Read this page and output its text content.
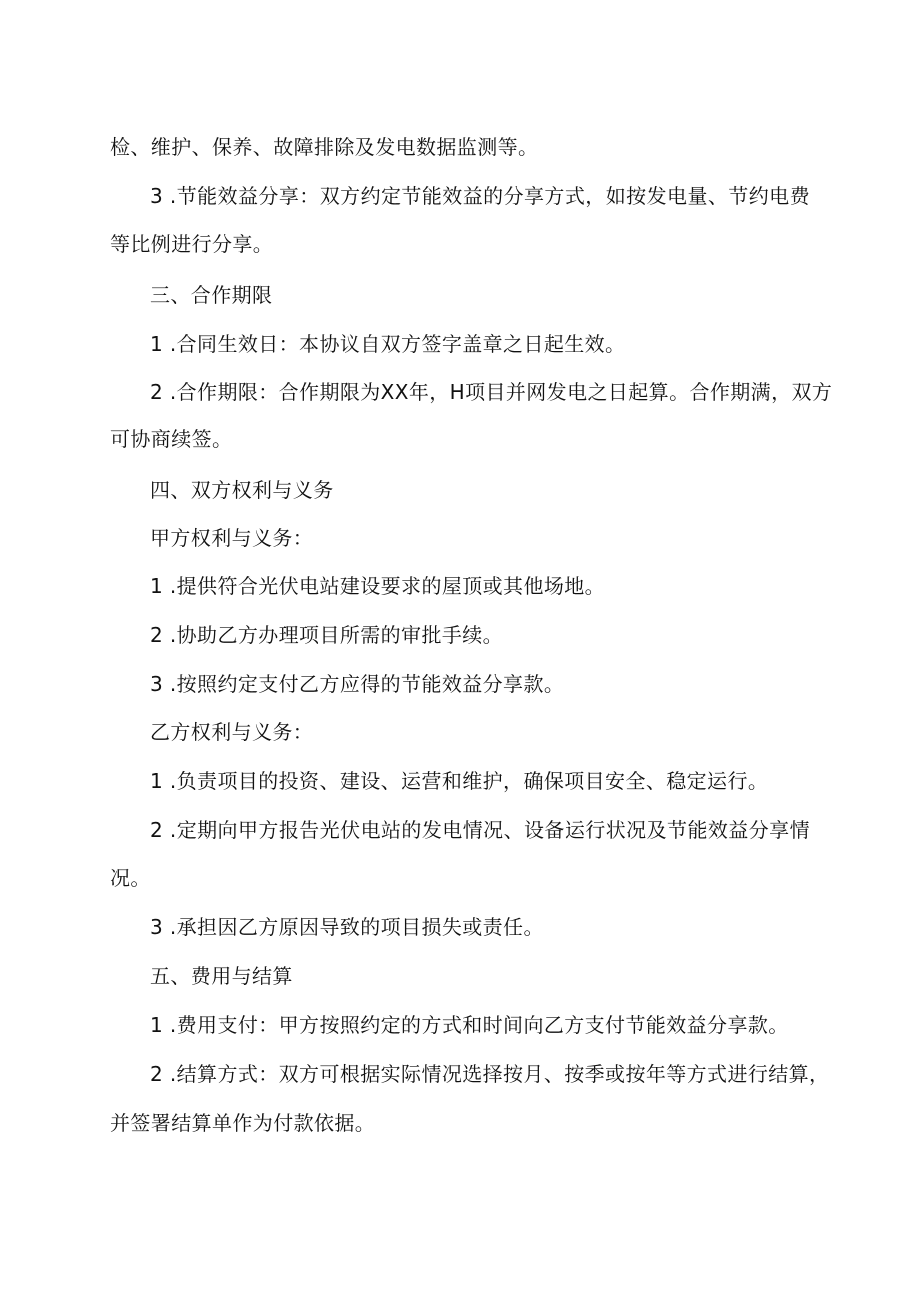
检、维护、保养、故障排除及发电数据监测等。
3 .节能效益分享：双方约定节能效益的分享方式，如按发电量、节约电费
等比例进行分享。
三、合作期限
1 .合同生效日：本协议自双方签字盖章之日起生效。
2 .合作期限：合作期限为XX年，H项目并网发电之日起算。合作期满，双方
可协商续签。
四、双方权利与义务
甲方权利与义务：
1 .提供符合光伏电站建设要求的屋顶或其他场地。
2 .协助乙方办理项目所需的审批手续。
3 .按照约定支付乙方应得的节能效益分享款。
乙方权利与义务：
1 .负责项目的投资、建设、运营和维护，确保项目安全、稳定运行。
2 .定期向甲方报告光伏电站的发电情况、设备运行状况及节能效益分享情
况。
3 .承担因乙方原因导致的项目损失或责任。
五、费用与结算
1 .费用支付：甲方按照约定的方式和时间向乙方支付节能效益分享款。
2 .结算方式：双方可根据实际情况选择按月、按季或按年等方式进行结算，
并签署结算单作为付款依据。
